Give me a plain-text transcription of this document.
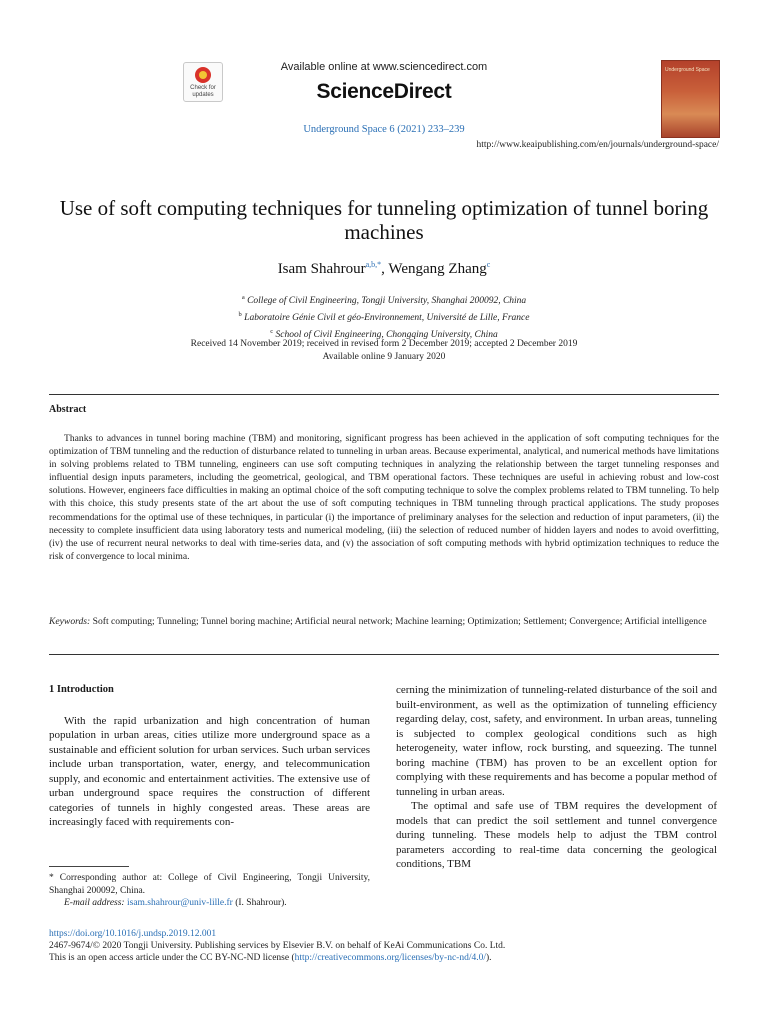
Check for updates
Available online at www.sciencedirect.com
ScienceDirect
Underground Space 6 (2021) 233–239
http://www.keaipublishing.com/en/journals/underground-space/
Underground Space
Use of soft computing techniques for tunneling optimization of tunnel boring machines
Isam Shahrour$^{a,b,*}$, Wengang Zhang$^c$
$^a$ College of Civil Engineering, Tongji University, Shanghai 200092, China
$^b$ Laboratoire Génie Civil et géo-Environnement, Université de Lille, France
$^c$ School of Civil Engineering, Chongqing University, China
Received 14 November 2019; received in revised form 2 December 2019; accepted 2 December 2019
Available online 9 January 2020
Abstract
Thanks to advances in tunnel boring machine (TBM) and monitoring, significant progress has been achieved in the application of soft computing techniques for the optimization of TBM tunneling and the reduction of disturbance related to tunneling in urban areas. Because experimental, analytical, and numerical methods have limitations in solving problems related to TBM tunneling, engineers can use soft computing techniques in analyzing the relationship between the target tunneling responses and influential design inputs parameters, including the geometrical, geological, and TBM operational factors. These techniques are useful in achieving robust and low-cost solutions. However, engineers face difficulties in making an optimal choice of the soft computing technique to solve the complex problems related to TBM tunneling. To help with this choice, this study presents state of the art about the use of soft computing techniques in TBM tunneling through practical applications. The study proposes recommendations for the optimal use of these techniques, in particular (i) the importance of preliminary analyses for the selection and reduction of input parameters, (ii) the necessity to complete insufficient data using laboratory tests and numerical modeling, (iii) the selection of reduced number of hidden layers and nodes to avoid overfitting, (iv) the use of recurrent neural networks to deal with time-series data, and (v) the association of soft computing methods with hybrid optimization techniques to reduce the risk of convergence to local minima.
Keywords: Soft computing; Tunneling; Tunnel boring machine; Artificial neural network; Machine learning; Optimization; Settlement; Convergence; Artificial intelligence
1 Introduction

With the rapid urbanization and high concentration of human population in urban areas, cities utilize more underground space as a sustainable and efficient solution for urban services. Such urban services include urban transportation, water, energy, and telecommunication supply, and economic and entertainment activities. The extensive use of urban underground space requires the construction of different categories of tunnels in highly congested areas. These areas are increasingly faced with requirements con-

cerning the minimization of tunneling-related disturbance of the soil and built-environment, as well as the optimization of tunneling efficiency regarding delay, cost, safety, and environment. In urban areas, tunneling is subjected to complex geological conditions such as high heterogeneity, water inflow, rock bursting, and squeezing. The tunnel boring machine (TBM) has proven to be an excellent option for complying with these requirements and has become a popular method of tunneling in urban areas.

The optimal and safe use of TBM requires the development of models that can predict the soil settlement and tunnel convergence during tunneling. These models help to adjust the TBM control parameters according to real-time data concerning the geological conditions, TBM

* Corresponding author at: College of Civil Engineering, Tongji University, Shanghai 200092, China.
E-mail address: isam.shahrour@univ-lille.fr (I. Shahrour).
https://doi.org/10.1016/j.undsp.2019.12.001
2467-9674/© 2020 Tongji University. Publishing services by Elsevier B.V. on behalf of KeAi Communications Co. Ltd.
This is an open access article under the CC BY-NC-ND license (http://creativecommons.org/licenses/by-nc-nd/4.0/).
